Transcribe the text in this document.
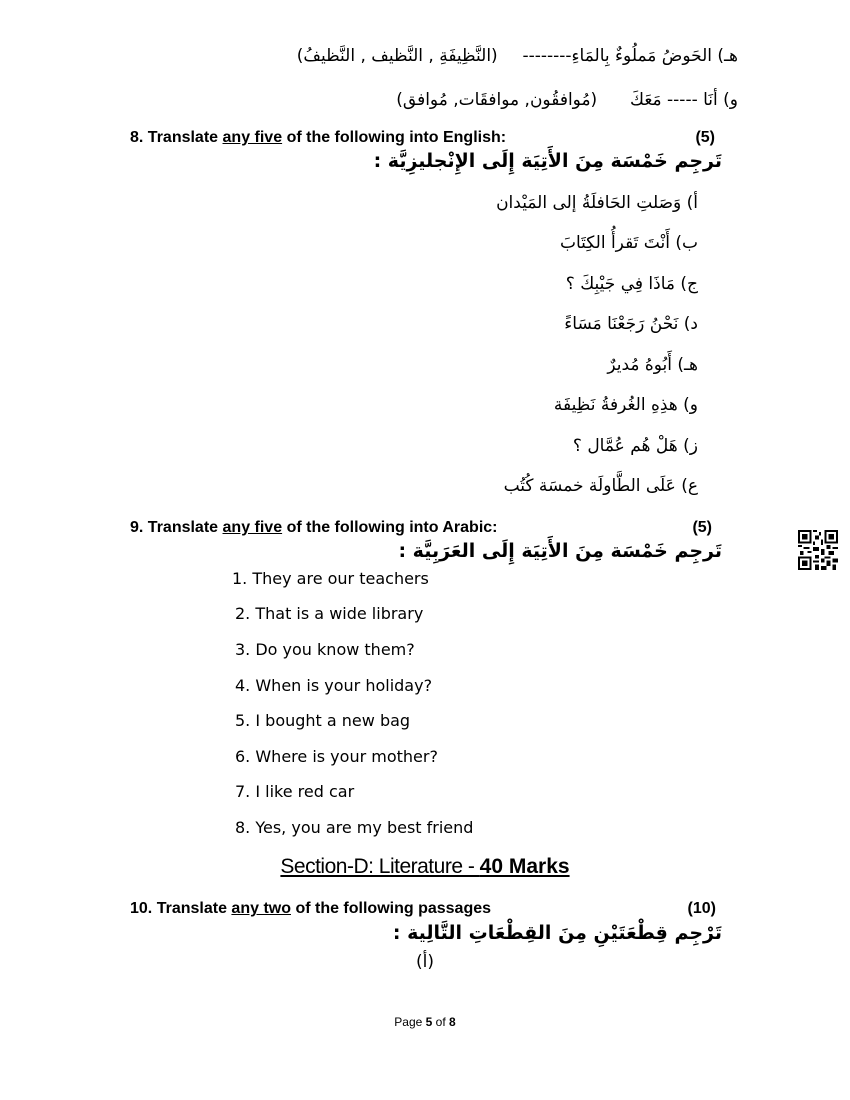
هـ) الحَوضُ مَملُوءٌ بِالمَاءِ--------  (النَّظِيفَةِ , النَّظيف , النَّظيفُ)
و) أنَا ----- مَعَكَ  (مُوافقُون, موافقَات, مُوافق)
8. Translate any five of the following into English:	(5)
تَرجِم خَمْسَة مِنَ الأَتِيَة إِلَى الإِنْجليزِيَّة :
أ) وَصَلتِ الحَافلَةُ إلى المَيْدان
ب) أَنْتَ تَقرأُ الكِتَابَ
ج) مَاذَا فِي جَيْبِكَ ؟
د) نَحْنُ رَجَعْنَا مَسَاءً
هـ) أَبُوهُ مُديرٌ
و) هذِهِ الغُرفةُ نَظِيفَة
ز) هَلْ هُم عُمَّال ؟
ع) عَلَى الطَّاولَة خمسَة كُتُب
9. Translate any five of the following into Arabic:	(5)
تَرجِم خَمْسَة مِنَ الأَتِيَة إِلَى العَرَبِيَّة :
1. They are our teachers
2. That is a wide library
3. Do you know them?
4. When is your holiday?
5. I bought a new bag
6. Where is your mother?
7. I like red car
8. Yes, you are my best friend
Section-D: Literature - 40 Marks
10. Translate any two of the following passages	(10)
تَرْجِم قِطْعَتَيْنِ مِنَ القِطْعَاتِ التَّالِية :
(أ)
Page 5 of 8
